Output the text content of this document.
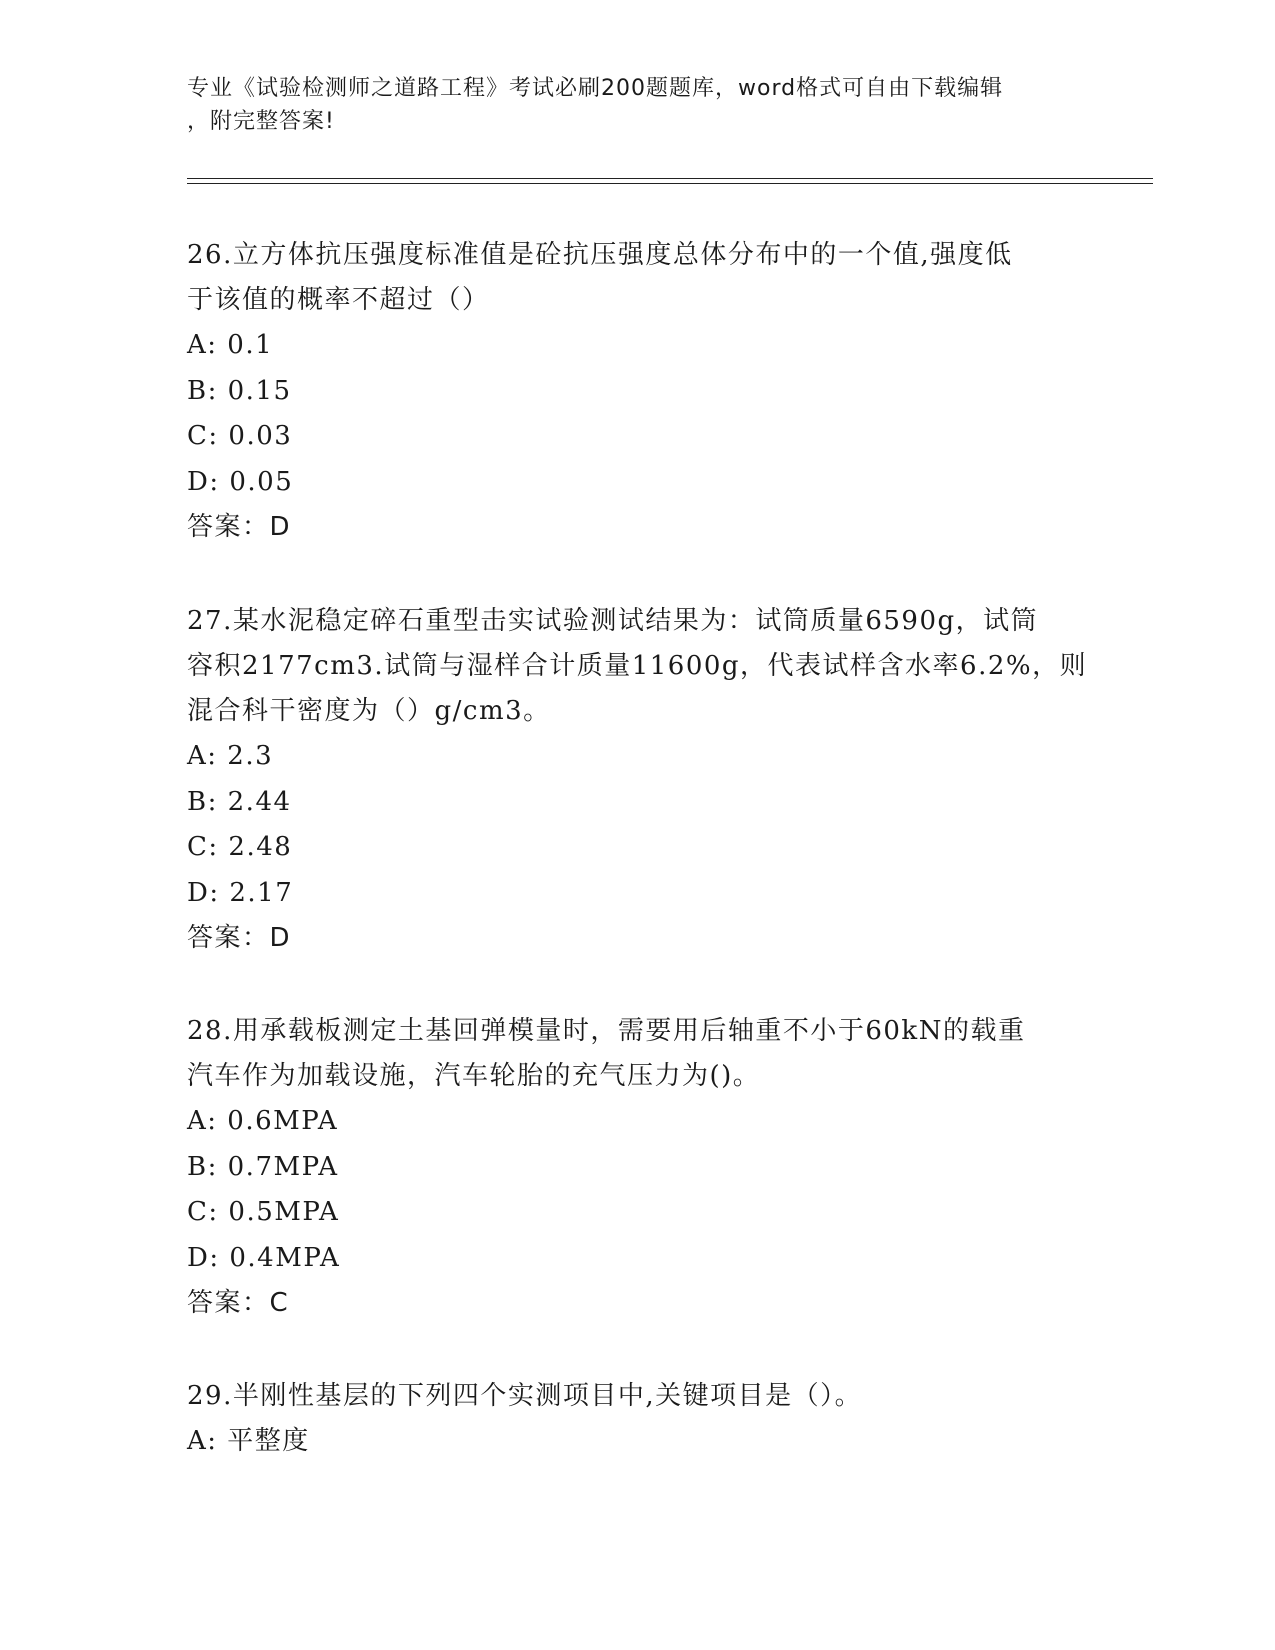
专业《试验检测师之道路工程》考试必刷200题题库，word格式可自由下载编辑
，附完整答案!
26.立方体抗压强度标准值是砼抗压强度总体分布中的一个值,强度低
于该值的概率不超过（）
A: 0.1
B: 0.15
C: 0.03
D: 0.05
答案：D
27.某水泥稳定碎石重型击实试验测试结果为：试筒质量6590g，试筒
容积2177cm3.试筒与湿样合计质量11600g，代表试样含水率6.2%，则
混合科干密度为（）g/cm3。
A: 2.3
B: 2.44
C: 2.48
D: 2.17
答案：D
28.用承载板测定土基回弹模量时，需要用后轴重不小于60kN的载重
汽车作为加载设施，汽车轮胎的充气压力为()。
A: 0.6MPA
B: 0.7MPA
C: 0.5MPA
D: 0.4MPA
答案：C
29.半刚性基层的下列四个实测项目中,关键项目是（）。
A: 平整度
